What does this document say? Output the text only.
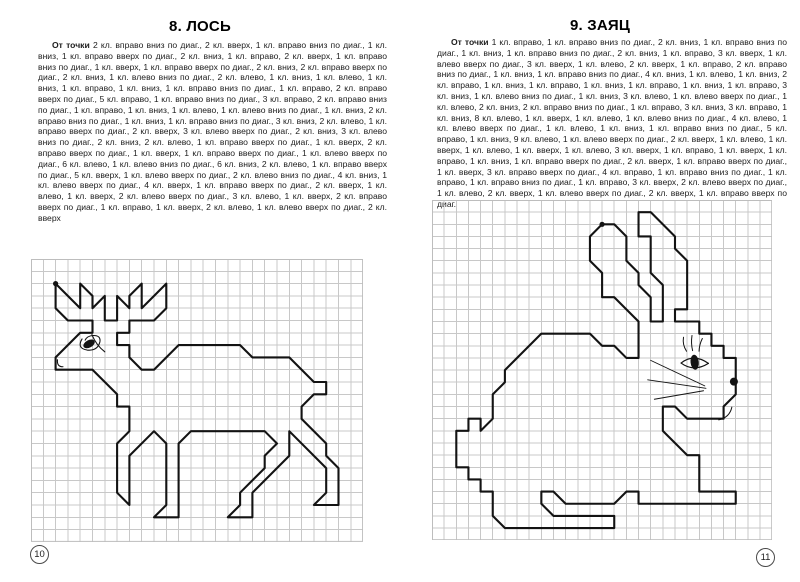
8. ЛОСЬ

От точки 2 кл. вправо вниз по диаг., 2 кл. вверх, 1 кл. вправо вниз по диаг., 1 кл. вниз, 1 кл. вправо вверх по диаг., 2 кл. вниз, 1 кл. вправо, 2 кл. вверх, 1 кл. вправо вниз по диаг., 1 кл. вверх, 1 кл. вправо вверх по диаг., 2 кл. вниз, 2 кл. вправо вверх по диаг., 2 кл. вниз, 1 кл. влево вниз по диаг., 2 кл. влево, 1 кл. вниз, 1 кл. влево, 1 кл. вниз, 1 кл. вправо, 1 кл. вниз, 1 кл. вправо вниз по диаг., 1 кл. вправо, 2 кл. вправо вверх по диаг., 5 кл. вправо, 1 кл. вправо вниз по диаг., 3 кл. вправо, 2 кл. вправо вниз по диаг., 1 кл. вправо, 1 кл. вниз, 1 кл. влево, 1 кл. влево вниз по диаг., 1 кл. вниз, 2 кл. вправо вниз по диаг., 1 кл. вниз, 1 кл. вправо вниз по диаг., 3 кл. вниз, 2 кл. влево, 1 кл. вправо вверх по диаг., 2 кл. вверх, 3 кл. влево вверх по диаг., 2 кл. вниз, 3 кл. влево вниз по диаг., 2 кл. вниз, 2 кл. влево, 1 кл. вправо вверх по диаг., 1 кл. вверх, 2 кл. вправо вверх по диаг., 1 кл. вверх, 1 кл. вправо вверх по диаг., 1 кл. влево вверх по диаг., 6 кл. влево, 1 кл. влево вниз по диаг., 6 кл. вниз, 2 кл. влево, 1 кл. вправо вверх по диаг., 5 кл. вверх, 1 кл. влево вверх по диаг., 2 кл. влево вниз по диаг., 4 кл. вниз, 1 кл. влево вверх по диаг., 4 кл. вверх, 1 кл. вправо вверх по диаг., 2 кл. вверх, 1 кл. влево, 1 кл. вверх, 2 кл. влево вверх по диаг., 3 кл. влево, 1 кл. вверх, 2 кл. вправо вверх по диаг., 1 кл. вправо, 1 кл. вверх, 2 кл. влево, 1 кл. влево вверх по диаг., 2 кл. вверх

10
9. ЗАЯЦ

От точки 1 кл. вправо, 1 кл. вправо вниз по диаг., 2 кл. вниз, 1 кл. вправо вниз по диаг., 1 кл. вниз, 1 кл. вправо вниз по диаг., 2 кл. вниз, 1 кл. вправо, 3 кл. вверх, 1 кл. влево вверх по диаг., 3 кл. вверх, 1 кл. влево, 2 кл. вверх, 1 кл. вправо, 2 кл. вправо вниз по диаг., 1 кл. вниз, 1 кл. вправо вниз по диаг., 4 кл. вниз, 1 кл. влево, 1 кл. вниз, 2 кл. вправо, 1 кл. вниз, 1 кл. вправо, 1 кл. вниз, 1 кл. вправо, 1 кл. вниз, 1 кл. вправо, 3 кл. вниз, 1 кл. влево вниз по диаг., 1 кл. вниз, 3 кл. влево, 1 кл. влево вверх по диаг., 1 кл. влево, 2 кл. вниз, 2 кл. вправо вниз по диаг., 1 кл. вправо, 3 кл. вниз, 3 кл. вправо, 1 кл. вниз, 8 кл. влево, 1 кл. вверх, 1 кл. влево, 1 кл. влево вниз по диаг., 4 кл. влево, 1 кл. влево вверх по диаг., 1 кл. влево, 1 кл. вниз, 1 кл. вправо вниз по диаг., 5 кл. вправо, 1 кл. вниз, 9 кл. влево, 1 кл. влево вверх по диаг., 2 кл. вверх, 1 кл. влево, 1 кл. вверх, 1 кл. влево, 1 кл. вверх, 1 кл. влево, 3 кл. вверх, 1 кл. вправо, 1 кл. вверх, 1 кл. вправо, 1 кл. вниз, 1 кл. вправо вверх по диаг., 2 кл. вверх, 1 кл. вправо вверх по диаг., 1 кл. вверх, 3 кл. вправо вверх по диаг., 4 кл. вправо, 1 кл. вправо вниз по диаг., 1 кл. вправо, 1 кл. вправо вниз по диаг., 1 кл. вправо, 3 кл. вверх, 2 кл. влево вверх по диаг., 1 кл. влево, 2 кл. вверх, 1 кл. влево вверх по диаг., 2 кл. вверх, 1 кл. вправо вверх по диаг.

11
